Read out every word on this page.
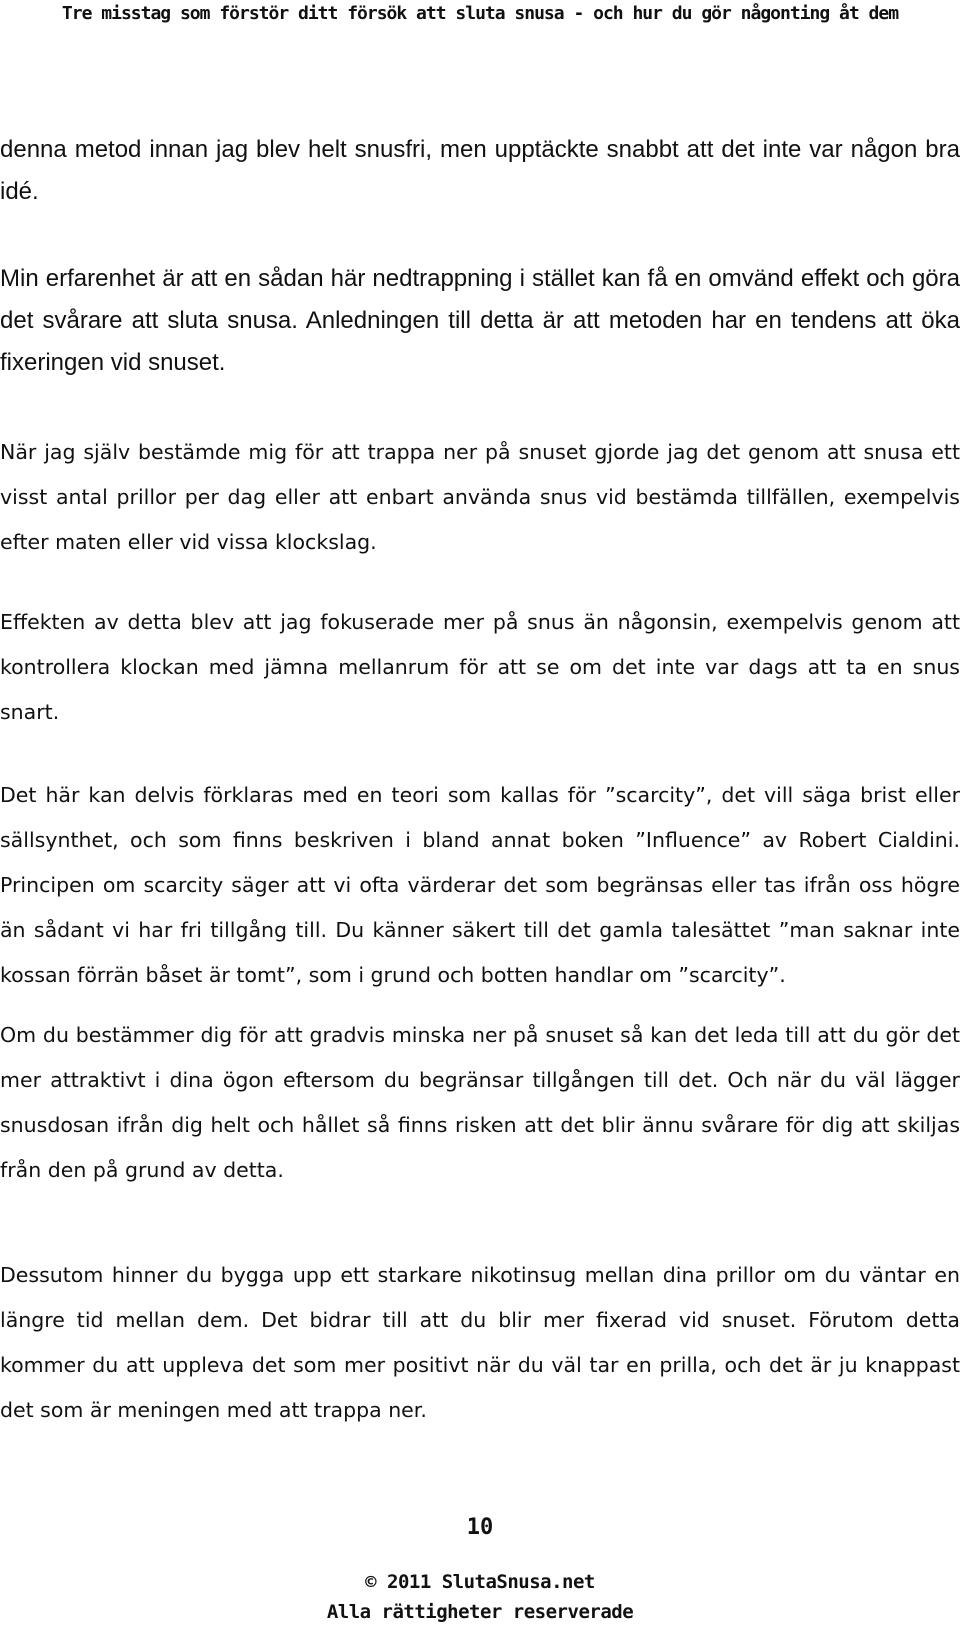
Tre misstag som förstör ditt försök att sluta snusa - och hur du gör någonting åt dem

denna metod innan jag blev helt snusfri, men upptäckte snabbt att det inte var någon bra idé.

Min erfarenhet är att en sådan här nedtrappning i stället kan få en omvänd effekt och göra det svårare att sluta snusa. Anledningen till detta är att metoden har en tendens att öka fixeringen vid snuset.

När jag själv bestämde mig för att trappa ner på snuset gjorde jag det genom att snusa ett visst antal prillor per dag eller att enbart använda snus vid bestämda tillfällen, exempelvis efter maten eller vid vissa klockslag.

Effekten av detta blev att jag fokuserade mer på snus än någonsin, exempelvis genom att kontrollera klockan med jämna mellanrum för att se om det inte var dags att ta en snus snart.

Det här kan delvis förklaras med en teori som kallas för ”scarcity”, det vill säga brist eller sällsynthet, och som finns beskriven i bland annat boken ”Influence” av Robert Cialdini. Principen om scarcity säger att vi ofta värderar det som begränsas eller tas ifrån oss högre än sådant vi har fri tillgång till. Du känner säkert till det gamla talesättet ”man saknar inte kossan förrän båset är tomt”, som i grund och botten handlar om ”scarcity”.

Om du bestämmer dig för att gradvis minska ner på snuset så kan det leda till att du gör det mer attraktivt i dina ögon eftersom du begränsar tillgången till det. Och när du väl lägger snusdosan ifrån dig helt och hållet så finns risken att det blir ännu svårare för dig att skiljas från den på grund av detta.

Dessutom hinner du bygga upp ett starkare nikotinsug mellan dina prillor om du väntar en längre tid mellan dem. Det bidrar till att du blir mer fixerad vid snuset. Förutom detta kommer du att uppleva det som mer positivt när du väl tar en prilla, och det är ju knappast det som är meningen med att trappa ner.

10
© 2011 SlutaSnusa.net
Alla rättigheter reserverade
